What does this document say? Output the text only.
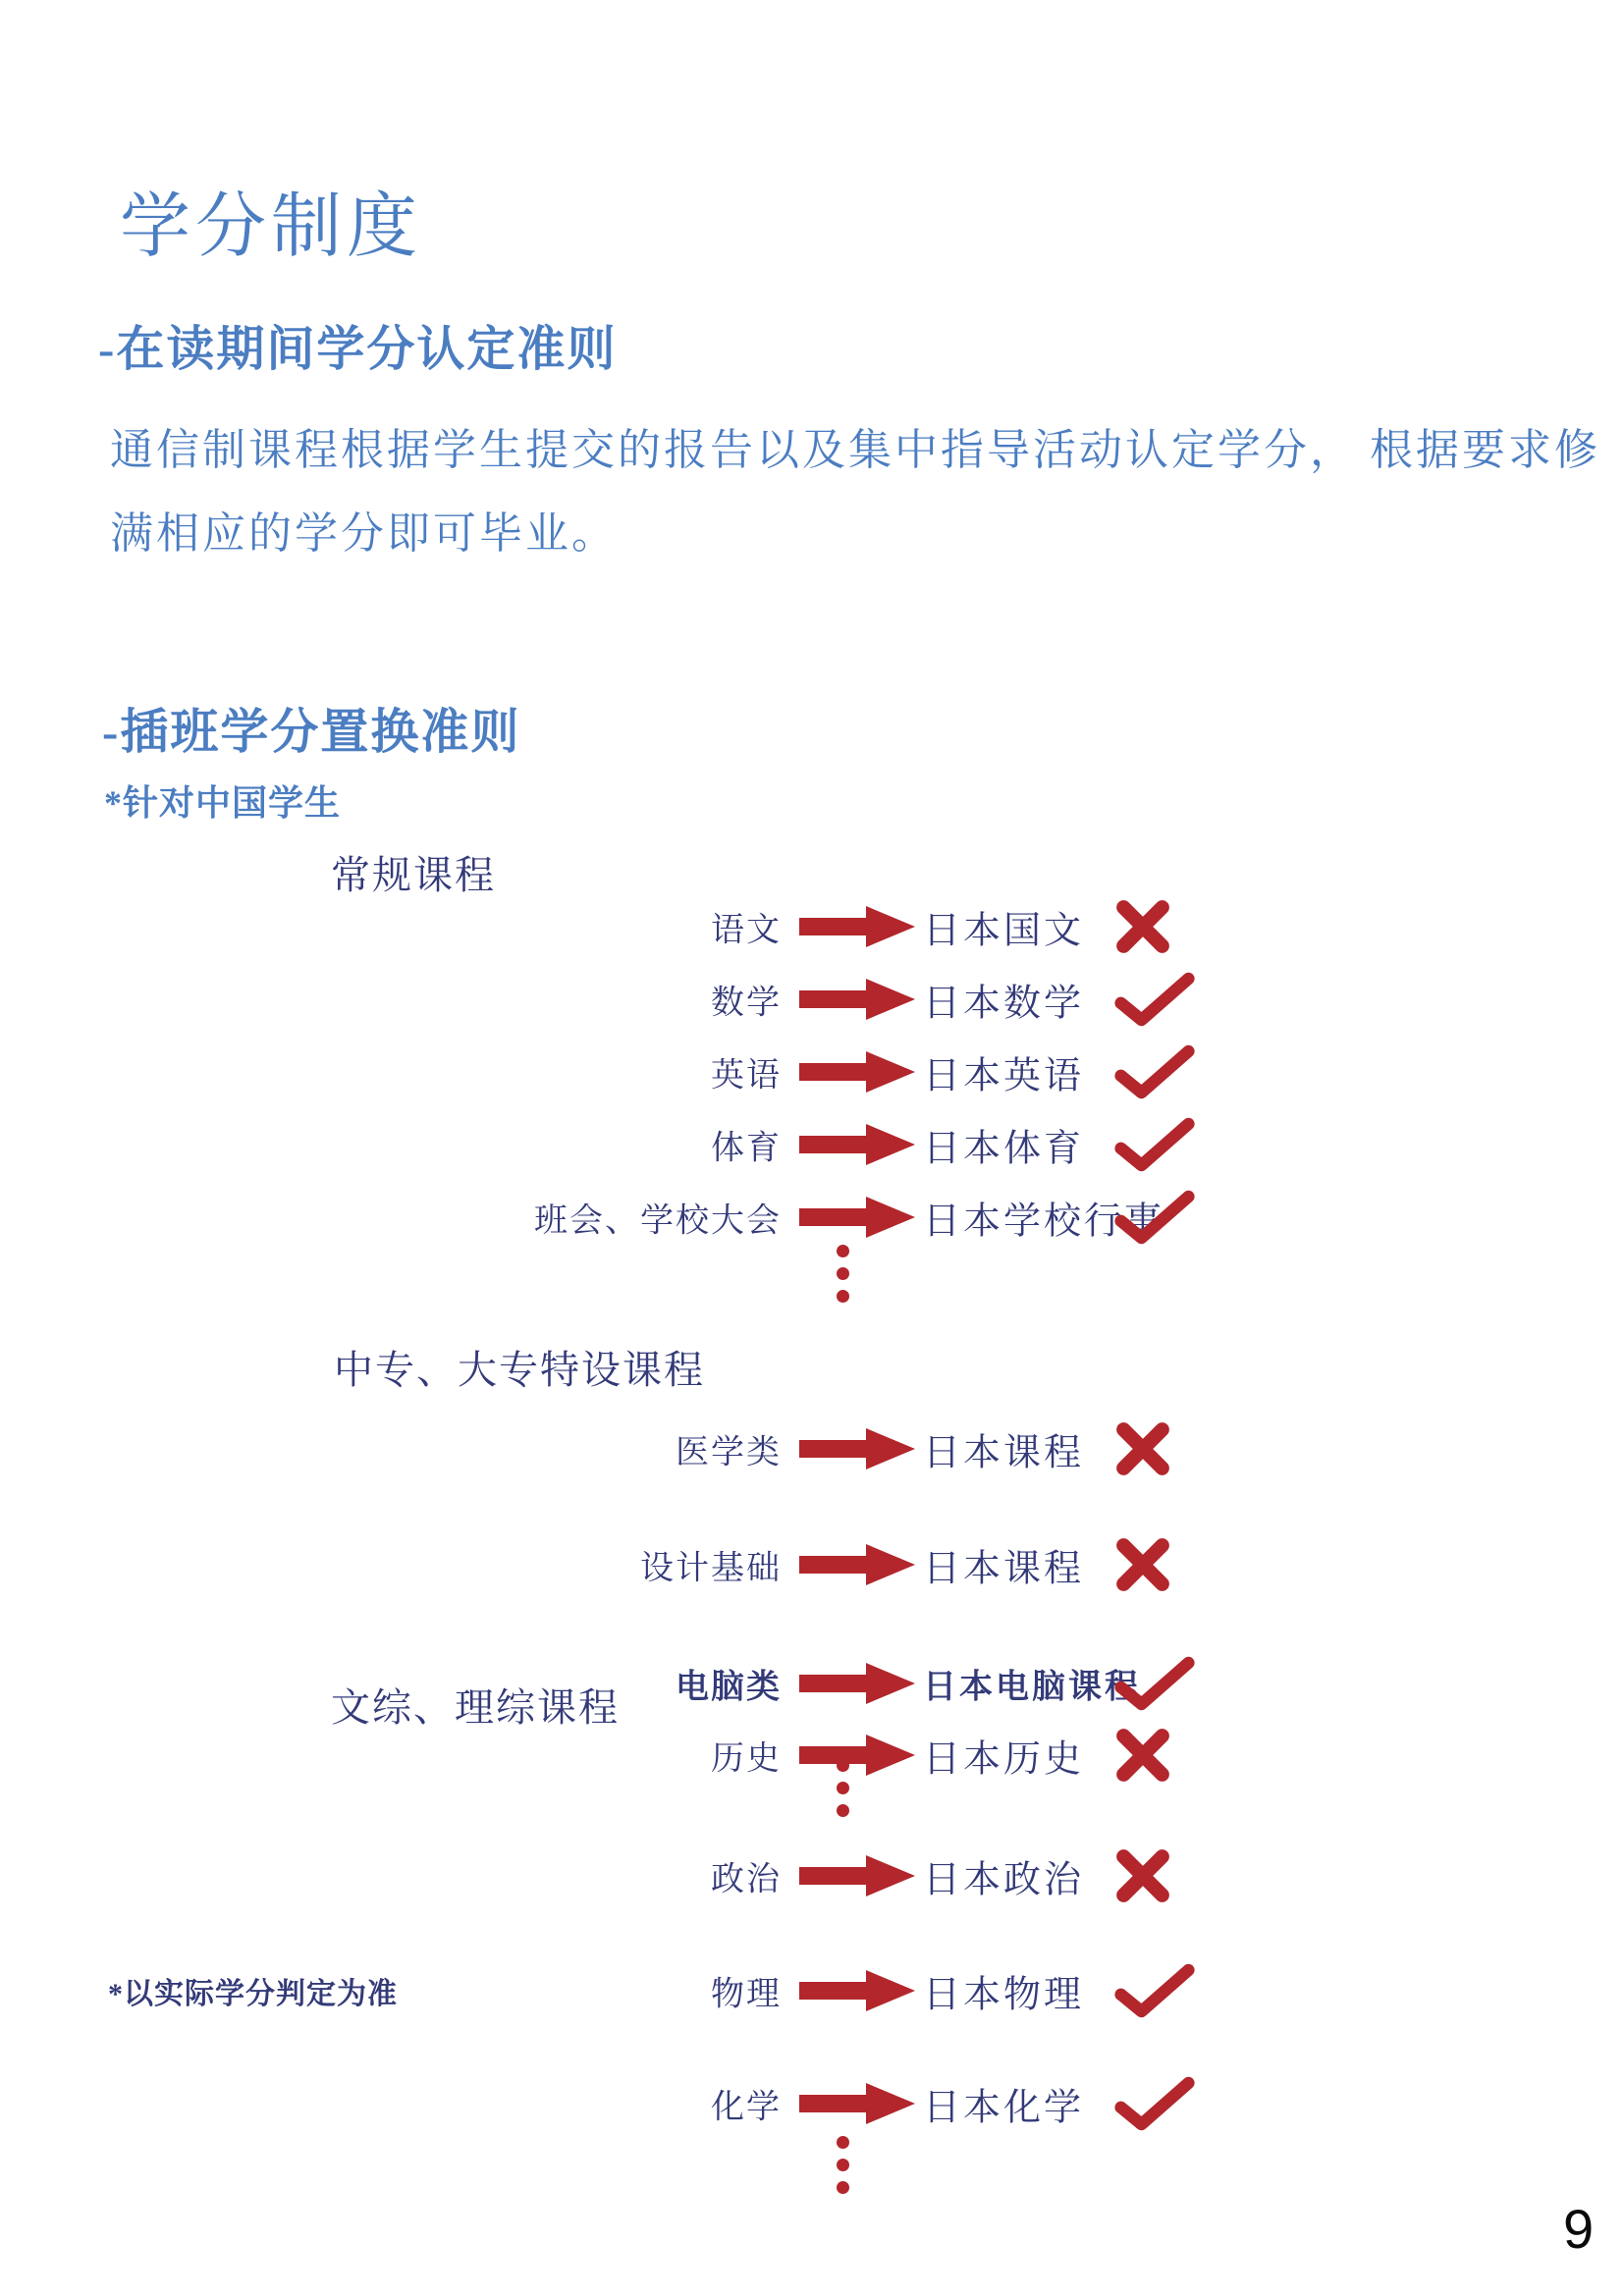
学分制度
-在读期间学分认定准则
通信制课程根据学生提交的报告以及集中指导活动认定学分， 根据要求修
满相应的学分即可毕业。
-插班学分置换准则
*针对中国学生
常规课程
语文	日本国文
数学	日本数学
英语	日本英语
体育	日本体育
班会、学校大会	日本学校行事
中专、大专特设课程
医学类	日本课程
设计基础	日本课程
电脑类	日本电脑课程
文综、理综课程
历史	日本历史
政治	日本政治
物理	日本物理
化学	日本化学
*以实际学分判定为准
9
